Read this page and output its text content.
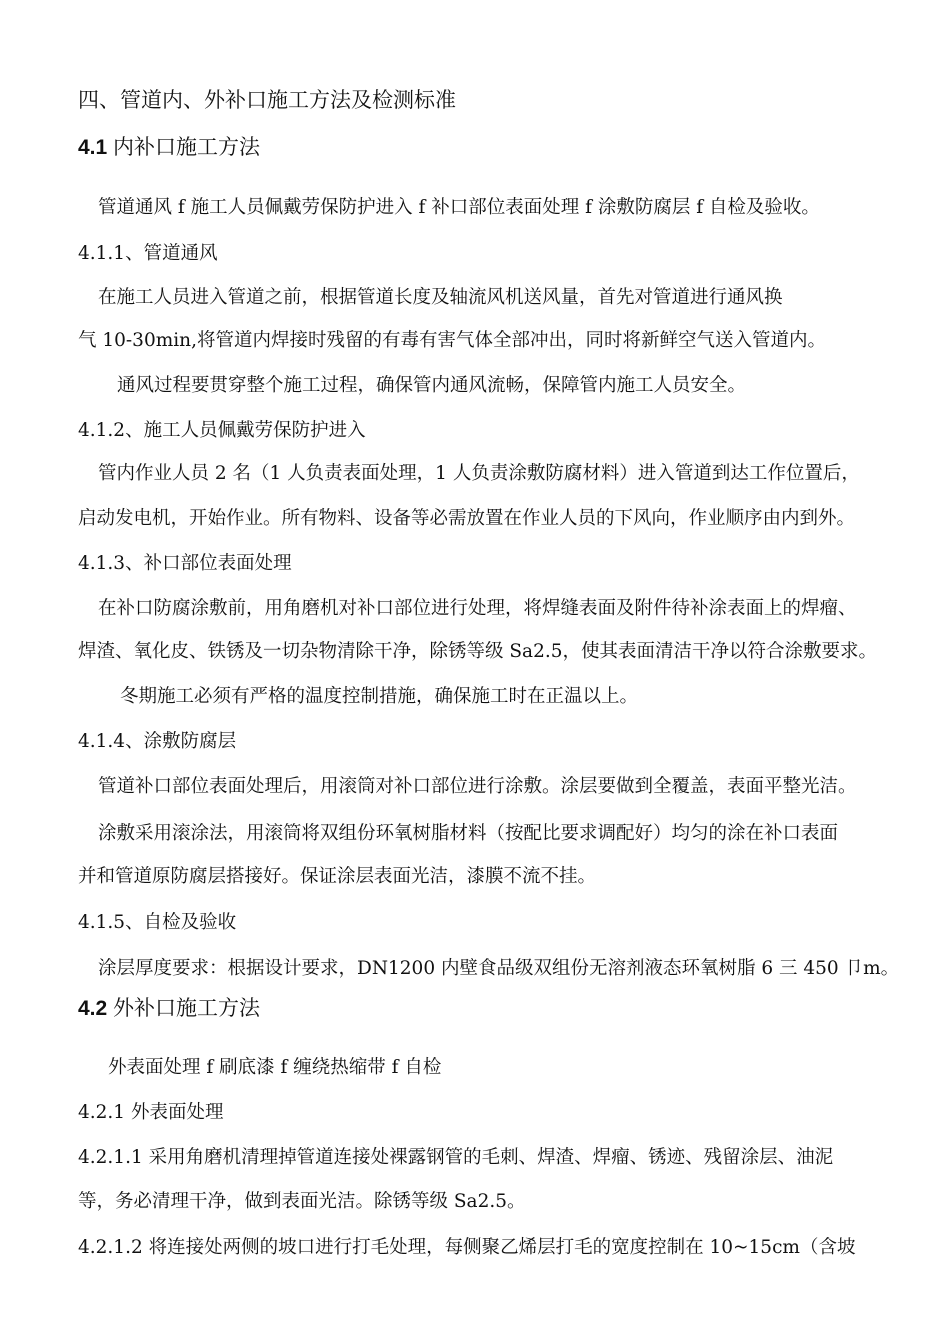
四、管道内、外补口施工方法及检测标准
4.1 内补口施工方法
管道通风 f 施工人员佩戴劳保防护进入 f 补口部位表面处理 f 涂敷防腐层 f 自检及验收。
4.1.1、管道通风
在施工人员进入管道之前，根据管道长度及轴流风机送风量，首先对管道进行通风换
气 10-30min,将管道内焊接时残留的有毒有害气体全部冲出，同时将新鲜空气送入管道内。
通风过程要贯穿整个施工过程，确保管内通风流畅，保障管内施工人员安全。
4.1.2、施工人员佩戴劳保防护进入
管内作业人员 2 名（1 人负责表面处理，1 人负责涂敷防腐材料）进入管道到达工作位置后，
启动发电机，开始作业。所有物料、设备等必需放置在作业人员的下风向，作业顺序由内到外。
4.1.3、补口部位表面处理
在补口防腐涂敷前，用角磨机对补口部位进行处理，将焊缝表面及附件待补涂表面上的焊瘤、
焊渣、氧化皮、铁锈及一切杂物清除干净，除锈等级 Sa2.5，使其表面清洁干净以符合涂敷要求。
冬期施工必须有严格的温度控制措施，确保施工时在正温以上。
4.1.4、涂敷防腐层
管道补口部位表面处理后，用滚筒对补口部位进行涂敷。涂层要做到全覆盖，表面平整光洁。
涂敷采用滚涂法，用滚筒将双组份环氧树脂材料（按配比要求调配好）均匀的涂在补口表面
并和管道原防腐层搭接好。保证涂层表面光洁，漆膜不流不挂。
4.1.5、自检及验收
涂层厚度要求：根据设计要求，DN1200 内壁食品级双组份无溶剂液态环氧树脂 6 三 450 卩m。
4.2 外补口施工方法
外表面处理 f 刷底漆 f 缠绕热缩带 f 自检
4.2.1 外表面处理
4.2.1.1 采用角磨机清理掉管道连接处裸露钢管的毛刺、焊渣、焊瘤、锈迹、残留涂层、油泥
等，务必清理干净，做到表面光洁。除锈等级 Sa2.5。
4.2.1.2 将连接处两侧的坡口进行打毛处理，每侧聚乙烯层打毛的宽度控制在 10~15cm（含坡
